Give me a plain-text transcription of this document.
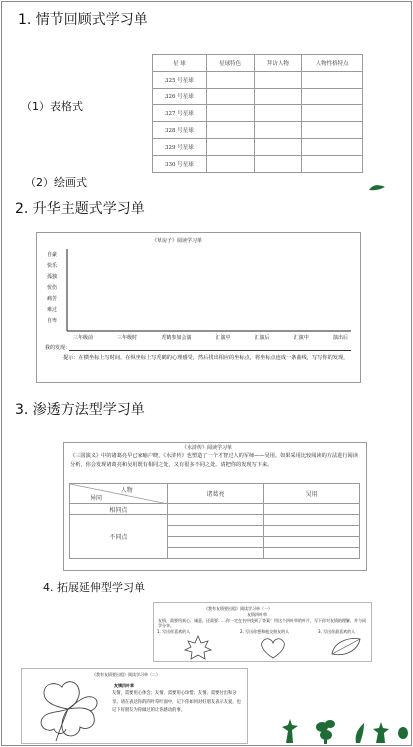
1. 情节回顾式学习单
（1）表格式
（2）绘画式
星 球	星球特色	拜访人物	人物性格特点
325 号星球			
326 号星球			
327 号星球			
328 号星球			
329 号星球			
330 号星球			
2. 升华主题式学习单
《草房子》阅读学习单
自豪
快乐
孤独
忧伤
痛苦
难过
自卑
三年级前	三年级时	秃鹤参加会演	汇演中	汇演后	汇演中	演出后
我的发现：
提示：在横坐标上写时间，在纵坐标上写秃鹤的心理感受，然后找出相应的坐标点，将坐标点连成一条曲线，写写你的发现。
3. 渗透方法型学习单
《水浒传》阅读学习单
《三国演义》中的诸葛亮早已家喻户晓，《水浒传》也塑造了一个才智过人的军师——吴用。如果采用比较阅读的方法进行阅读分析，你会发现诸葛亮和吴用既有相同之处，又有很多不同之处。请把你的发现写下来。
人物
异同	诸葛亮	吴用
相同点		
不同点		

4. 拓展延伸型学习单
《我有友情要出租》阅读学习单（一）
友情四叶草
友情，需要用真心、诚意，还需要……你一定在书中找到了答案！用这个四叶草的叶片，写下你对友情的理解，并与同学分享。
1. 写出你喜欢的人	2. 写出你想和他交朋友的人	3. 写出你最喜欢的人
《我有友情要出租》阅读学习单（二）
友情四叶草
友情，需要用心体会；友情，需要用心珍惜；友情，需要付出和分享。请在表达你的四叶草叶面中，记下你如何对好朋友表示友爱，也记下好朋友为你做过的让你感动的事。
